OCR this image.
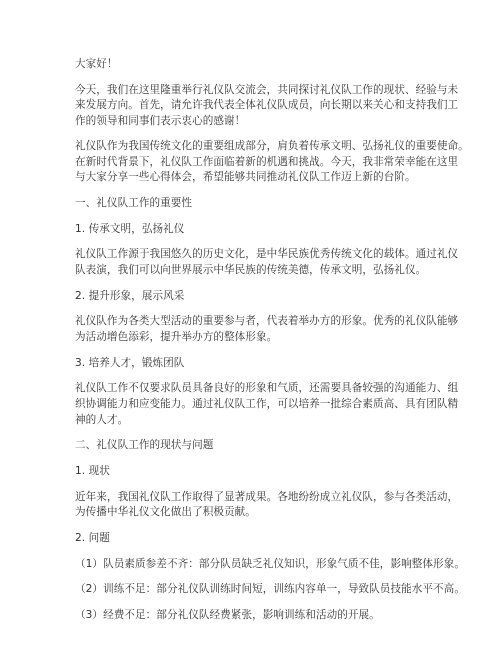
大家好！
今天，我们在这里隆重举行礼仪队交流会，共同探讨礼仪队工作的现状、经验与未
来发展方向。首先，请允许我代表全体礼仪队成员，向长期以来关心和支持我们工
作的领导和同事们表示衷心的感谢！
礼仪队作为我国传统文化的重要组成部分，肩负着传承文明、弘扬礼仪的重要使命。
在新时代背景下，礼仪队工作面临着新的机遇和挑战。今天，我非常荣幸能在这里
与大家分享一些心得体会，希望能够共同推动礼仪队工作迈上新的台阶。
一、礼仪队工作的重要性
1. 传承文明，弘扬礼仪
礼仪队工作源于我国悠久的历史文化，是中华民族优秀传统文化的载体。通过礼仪
队表演，我们可以向世界展示中华民族的传统美德，传承文明，弘扬礼仪。
2. 提升形象，展示风采
礼仪队作为各类大型活动的重要参与者，代表着举办方的形象。优秀的礼仪队能够
为活动增色添彩，提升举办方的整体形象。
3. 培养人才，锻炼团队
礼仪队工作不仅要求队员具备良好的形象和气质，还需要具备较强的沟通能力、组
织协调能力和应变能力。通过礼仪队工作，可以培养一批综合素质高、具有团队精
神的人才。
二、礼仪队工作的现状与问题
1. 现状
近年来，我国礼仪队工作取得了显著成果。各地纷纷成立礼仪队，参与各类活动，
为传播中华礼仪文化做出了积极贡献。
2. 问题
（1）队员素质参差不齐：部分队员缺乏礼仪知识，形象气质不佳，影响整体形象。
（2）训练不足：部分礼仪队训练时间短，训练内容单一，导致队员技能水平不高。
（3）经费不足：部分礼仪队经费紧张，影响训练和活动的开展。
